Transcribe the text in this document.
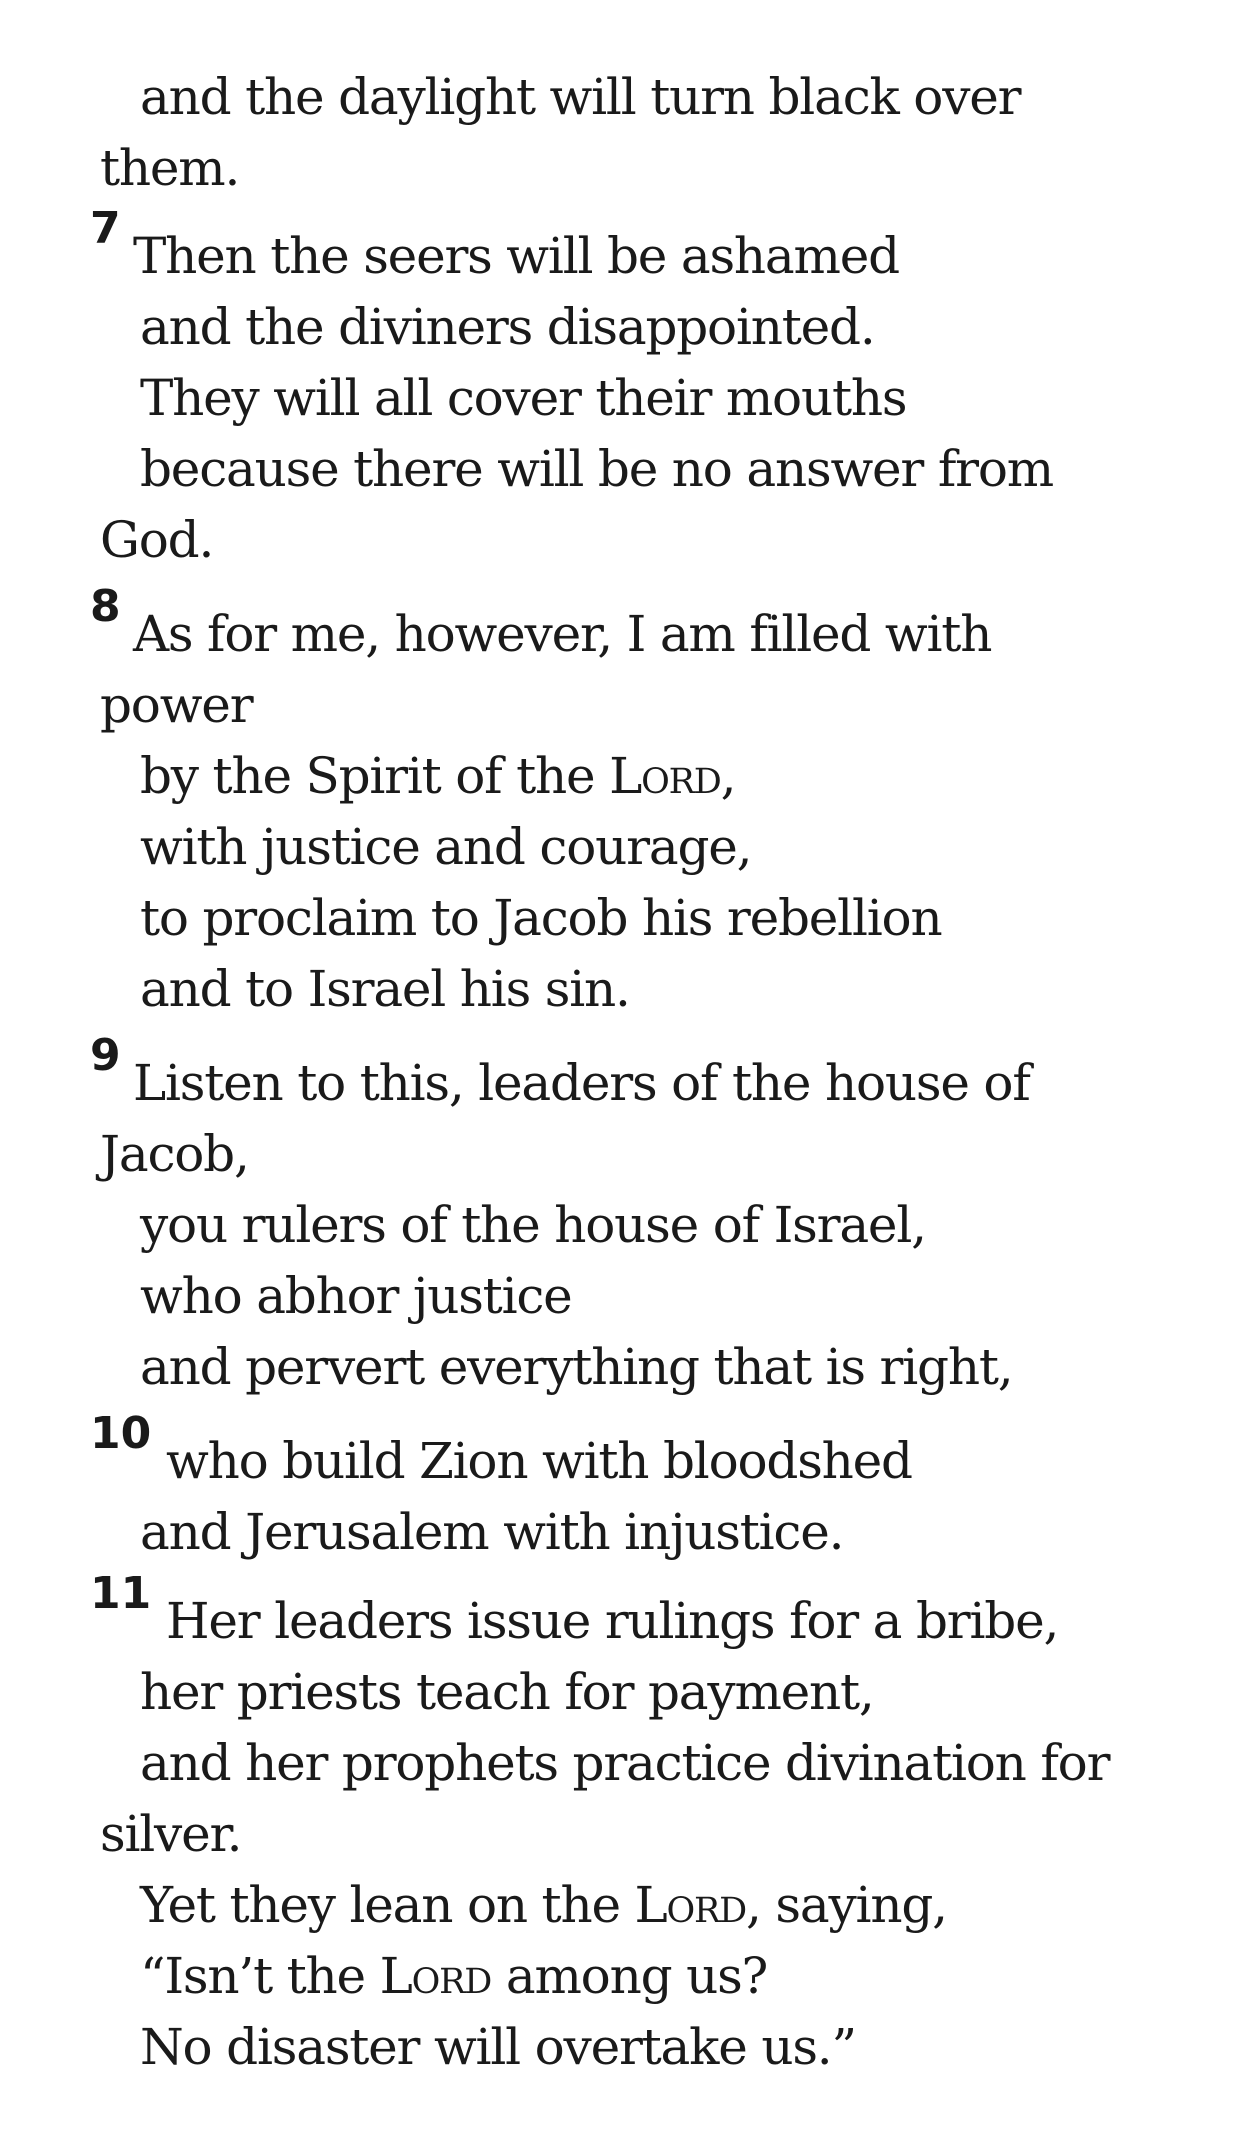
and the daylight will turn black over
them.
7 Then the seers will be ashamed
and the diviners disappointed.
They will all cover their mouths
because there will be no answer from
God.
8 As for me, however, I am filled with
power
by the Spirit of the Lord,
with justice and courage,
to proclaim to Jacob his rebellion
and to Israel his sin.
9 Listen to this, leaders of the house of
Jacob,
you rulers of the house of Israel,
who abhor justice
and pervert everything that is right,
10 who build Zion with bloodshed
and Jerusalem with injustice.
11 Her leaders issue rulings for a bribe,
her priests teach for payment,
and her prophets practice divination for
silver.
Yet they lean on the Lord, saying,
“Isn’t the Lord among us?
No disaster will overtake us.”
